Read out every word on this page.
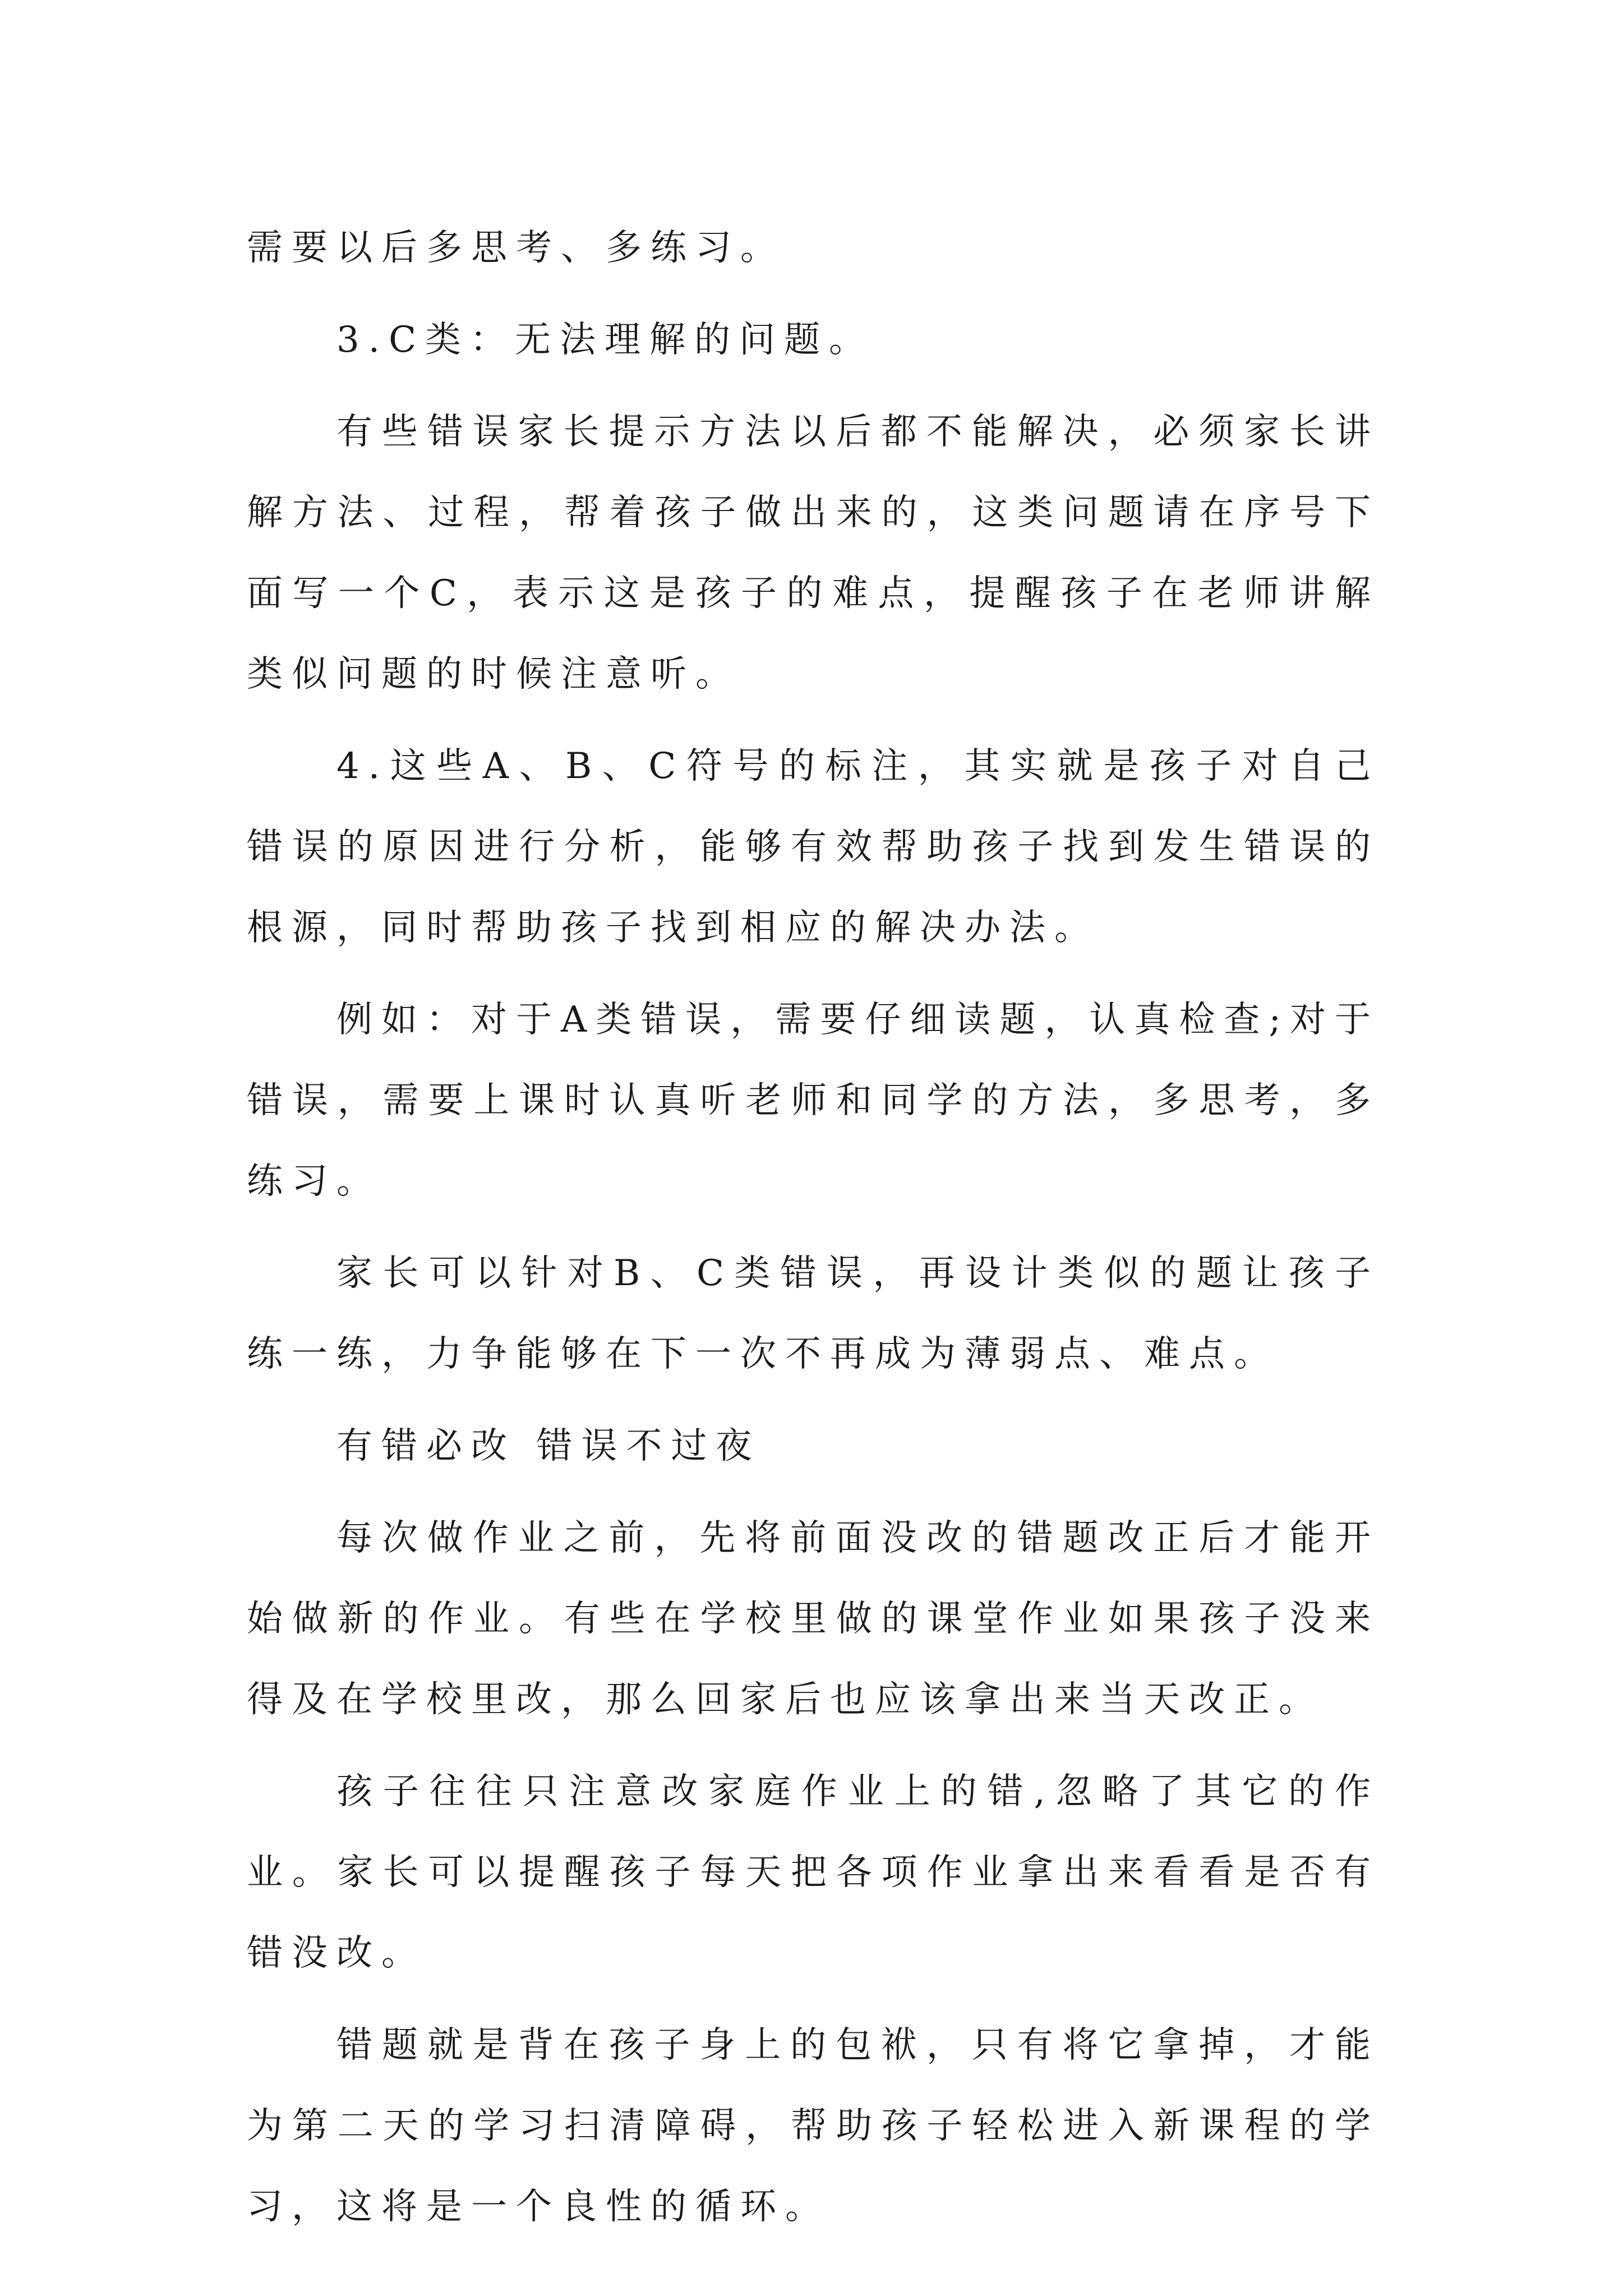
需要以后多思考、多练习。

3.C类：无法理解的问题。

有些错误家长提示方法以后都不能解决，必须家长讲解方法、过程，帮着孩子做出来的，这类问题请在序号下面写一个C，表示这是孩子的难点，提醒孩子在老师讲解类似问题的时候注意听。

4.这些A、B、C符号的标注，其实就是孩子对自己错误的原因进行分析，能够有效帮助孩子找到发生错误的根源，同时帮助孩子找到相应的解决办法。

例如：对于A类错误，需要仔细读题，认真检查;对于错误，需要上课时认真听老师和同学的方法，多思考，多练习。

家长可以针对B、C类错误，再设计类似的题让孩子练一练，力争能够在下一次不再成为薄弱点、难点。

有错必改 错误不过夜

每次做作业之前，先将前面没改的错题改正后才能开始做新的作业。有些在学校里做的课堂作业如果孩子没来得及在学校里改，那么回家后也应该拿出来当天改正。

孩子往往只注意改家庭作业上的错,忽略了其它的作业。家长可以提醒孩子每天把各项作业拿出来看看是否有错没改。

错题就是背在孩子身上的包袱，只有将它拿掉，才能为第二天的学习扫清障碍，帮助孩子轻松进入新课程的学习，这将是一个良性的循环。
